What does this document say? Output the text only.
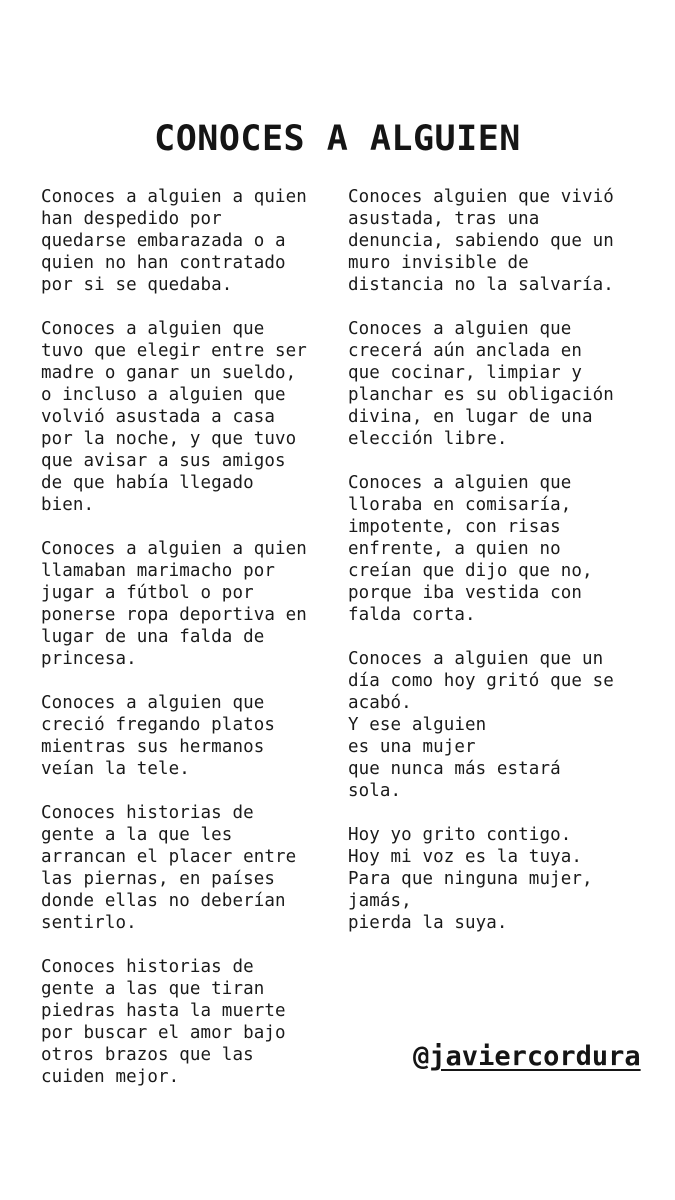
CONOCES A ALGUIEN
Conoces a alguien a quien
han despedido por
quedarse embarazada o a
quien no han contratado
por si se quedaba.
Conoces a alguien que
tuvo que elegir entre ser
madre o ganar un sueldo,
o incluso a alguien que
volvió asustada a casa
por la noche, y que tuvo
que avisar a sus amigos
de que había llegado
bien.
Conoces a alguien a quien
llamaban marimacho por
jugar a fútbol o por
ponerse ropa deportiva en
lugar de una falda de
princesa.
Conoces a alguien que
creció fregando platos
mientras sus hermanos
veían la tele.
Conoces historias de
gente a la que les
arrancan el placer entre
las piernas, en países
donde ellas no deberían
sentirlo.
Conoces historias de
gente a las que tiran
piedras hasta la muerte
por buscar el amor bajo
otros brazos que las
cuiden mejor.
Conoces alguien que vivió
asustada, tras una
denuncia, sabiendo que un
muro invisible de
distancia no la salvaría.
Conoces a alguien que
crecerá aún anclada en
que cocinar, limpiar y
planchar es su obligación
divina, en lugar de una
elección libre.
Conoces a alguien que
lloraba en comisaría,
impotente, con risas
enfrente, a quien no
creían que dijo que no,
porque iba vestida con
falda corta.
Conoces a alguien que un
día como hoy gritó que se
acabó.
Y ese alguien
es una mujer
que nunca más estará
sola.
Hoy yo grito contigo.
Hoy mi voz es la tuya.
Para que ninguna mujer,
jamás,
pierda la suya.

@javiercordura
